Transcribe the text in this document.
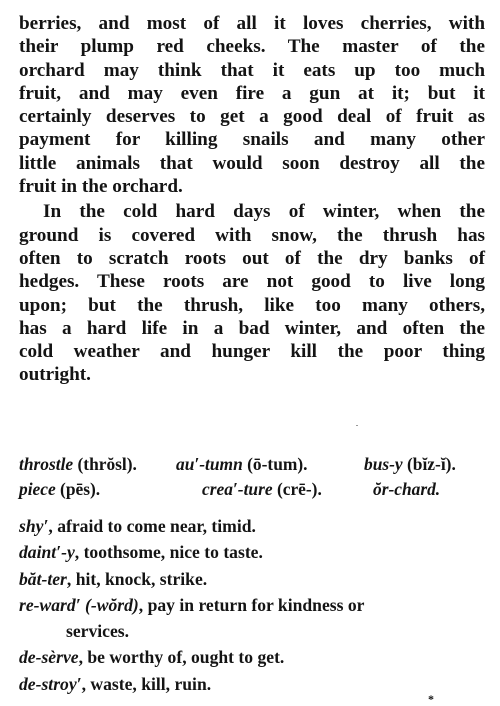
berries, and most of all it loves cherries, with
their plump red cheeks. The master of the
orchard may think that it eats up too much
fruit, and may even fire a gun at it; but it
certainly deserves to get a good deal of fruit as
payment for killing snails and many other
little animals that would soon destroy all the
fruit in the orchard.
In the cold hard days of winter, when the
ground is covered with snow, the thrush has
often to scratch roots out of the dry banks of
hedges. These roots are not good to live long
upon; but the thrush, like too many others,
has a hard life in a bad winter, and often the
cold weather and hunger kill the poor thing
outright.
throstle (thrŏsl). au′-tumn (ō-tum).	bus-y (bĭz-ĭ).
piece (pēs).	crea′-ture (crē-).	ŏr-chard.
shy′, afraid to come near, timid.
daint′-y, toothsome, nice to taste.
băt-ter, hit, knock, strike.
re-ward′ (-wŏrd), pay in return for kindness or
services.
de-sèrve, be worthy of, ought to get.
de-stroy′, waste, kill, ruin.
*
